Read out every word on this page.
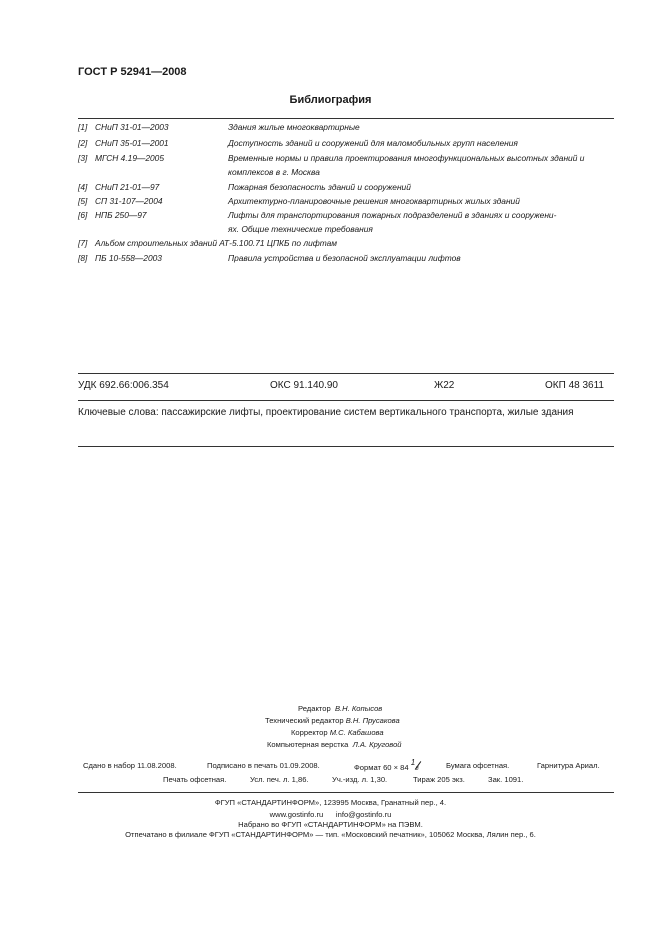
ГОСТ Р 52941—2008
Библиография
[1] СНиП 31-01—2003	Здания жилые многоквартирные
[2] СНиП 35-01—2001	Доступность зданий и сооружений для маломобильных групп населения
[3] МГСН 4.19—2005	Временные нормы и правила проектирования многофункциональных высотных зданий и комплексов в г. Москва
[4] СНиП 21-01—97	Пожарная безопасность зданий и сооружений
[5] СП 31-107—2004	Архитектурно-планировочные решения многоквартирных жилых зданий
[6] НПБ 250—97	Лифты для транспортирования пожарных подразделений в зданиях и сооружени-
ях. Общие технические требования
[7] Альбом строительных зданий АТ-5.100.71 ЦПКБ по лифтам
[8] ПБ 10-558—2003	Правила устройства и безопасной эксплуатации лифтов
УДК 692.66:006.354	ОКС 91.140.90	Ж22	ОКП 48 3611
Ключевые слова: пассажирские лифты, проектирование систем вертикального транспорта, жилые здания
Редактор В.Н. Копысов
Технический редактор В.Н. Прусакова
Корректор М.С. Кабашова
Компьютерная верстка Л.А. Круговой
Сдано в набор 11.08.2008.	Подписано в печать 01.09.2008.	Формат 60 × 84
1
8	Бумага офсетная.	Гарнитура Ариал.
Печать офсетная.	Усл. печ. л. 1,86.	Уч.-изд. л. 1,30.	Тираж 205 экз.	Зак. 1091.
ФГУП «СТАНДАРТИНФОРМ», 123995 Москва, Гранатный пер., 4.
www.gostinfo.ru info@gostinfo.ru
Набрано во ФГУП «СТАНДАРТИНФОРМ» на ПЭВМ.
Отпечатано в филиале ФГУП «СТАНДАРТИНФОРМ» — тип. «Московский печатник», 105062 Москва, Лялин пер., 6.
